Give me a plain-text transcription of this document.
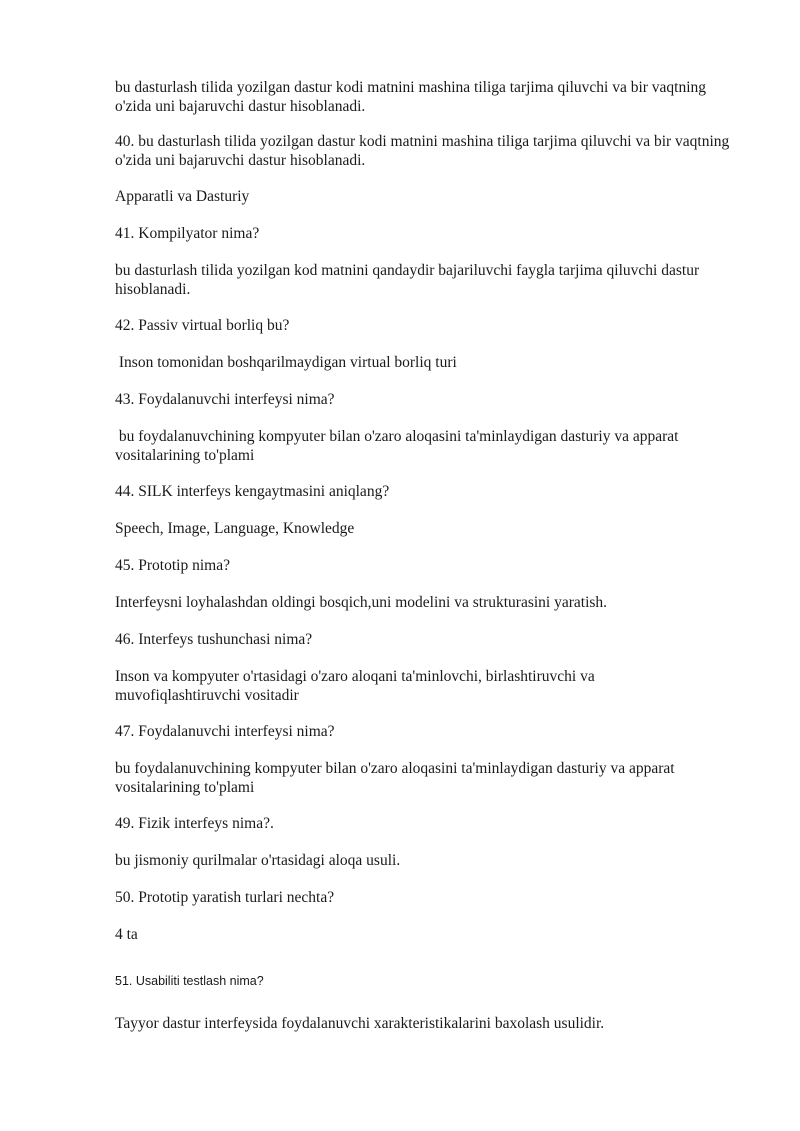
bu dasturlash tilida yozilgan dastur kodi matnini mashina tiliga tarjima qiluvchi va bir vaqtning o'zida uni bajaruvchi dastur hisoblanadi.

40. bu dasturlash tilida yozilgan dastur kodi matnini mashina tiliga tarjima qiluvchi va bir vaqtning o'zida uni bajaruvchi dastur hisoblanadi.

Apparatli va Dasturiy

41. Kompilyator nima?

bu dasturlash tilida yozilgan kod matnini qandaydir bajariluvchi faygla tarjima qiluvchi dastur hisoblanadi.

42. Passiv virtual borliq bu?

Inson tomonidan boshqarilmaydigan virtual borliq turi

43. Foydalanuvchi interfeysi nima?

bu foydalanuvchining kompyuter bilan o'zaro aloqasini ta'minlaydigan dasturiy va apparat vositalarining to'plami

44. SILK interfeys kengaytmasini aniqlang?

Speech, Image, Language, Knowledge

45. Prototip nima?

Interfeysni loyhalashdan oldingi bosqich,uni modelini va strukturasini yaratish.

46. Interfeys tushunchasi nima?

Inson va kompyuter o'rtasidagi o'zaro aloqani ta'minlovchi, birlashtiruvchi va muvofiqlashtiruvchi vositadir

47. Foydalanuvchi interfeysi nima?

bu foydalanuvchining kompyuter bilan o'zaro aloqasini ta'minlaydigan dasturiy va apparat vositalarining to'plami

49. Fizik interfeys nima?.

bu jismoniy qurilmalar o'rtasidagi aloqa usuli.

50. Prototip yaratish turlari nechta?

4 ta

51. Usabiliti testlash nima?

Tayyor dastur interfeysida foydalanuvchi xarakteristikalarini baxolash usulidir.
